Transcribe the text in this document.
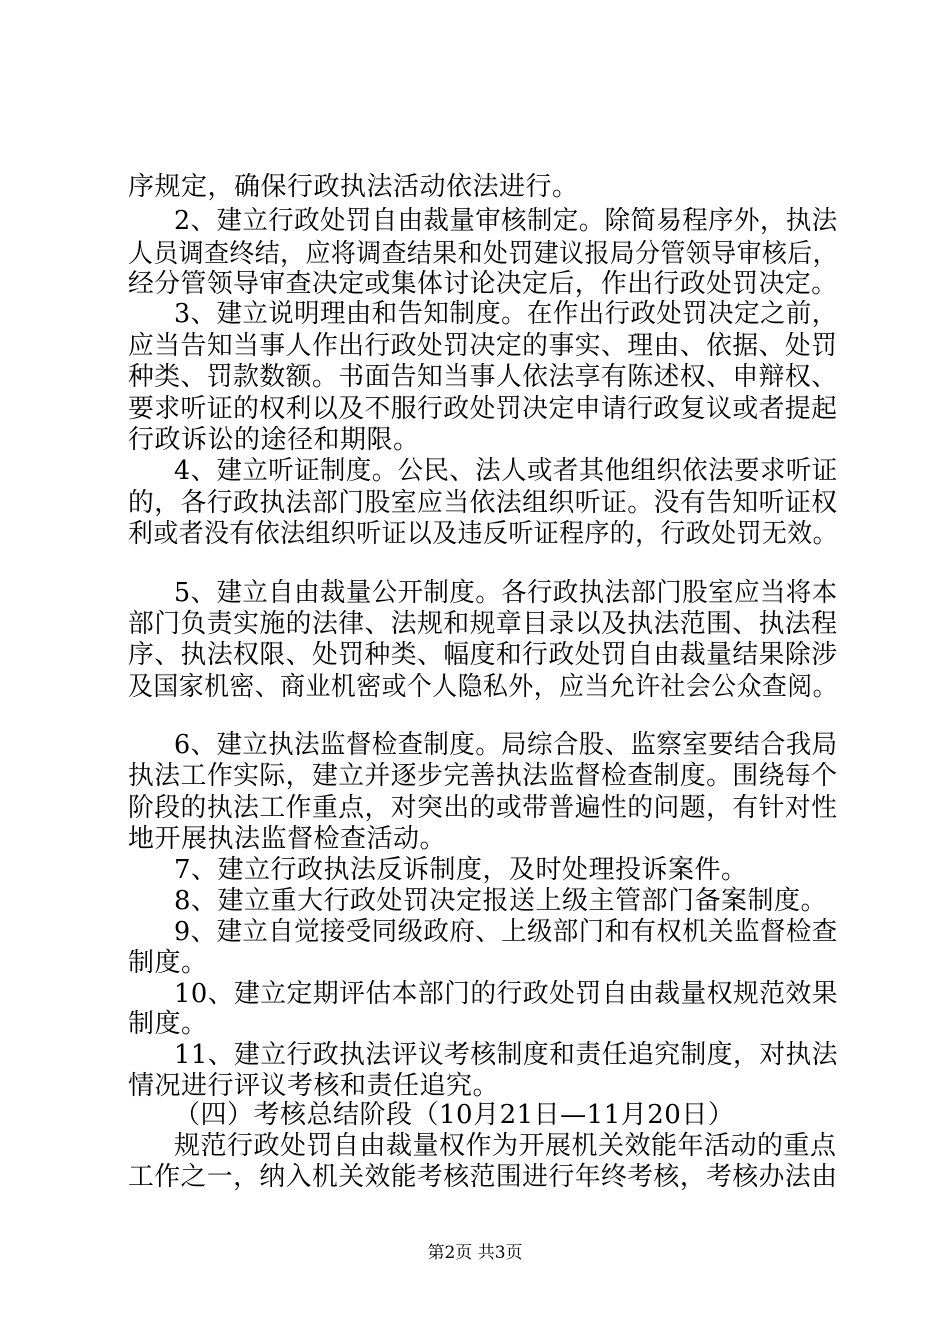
序规定，确保行政执法活动依法进行。
2、建立行政处罚自由裁量审核制定。除简易程序外，执法
人员调查终结，应将调查结果和处罚建议报局分管领导审核后，
经分管领导审查决定或集体讨论决定后，作出行政处罚决定。
3、建立说明理由和告知制度。在作出行政处罚决定之前，
应当告知当事人作出行政处罚决定的事实、理由、依据、处罚
种类、罚款数额。书面告知当事人依法享有陈述权、申辩权、
要求听证的权利以及不服行政处罚决定申请行政复议或者提起
行政诉讼的途径和期限。
4、建立听证制度。公民、法人或者其他组织依法要求听证
的，各行政执法部门股室应当依法组织听证。没有告知听证权
利或者没有依法组织听证以及违反听证程序的，行政处罚无效。
5、建立自由裁量公开制度。各行政执法部门股室应当将本
部门负责实施的法律、法规和规章目录以及执法范围、执法程
序、执法权限、处罚种类、幅度和行政处罚自由裁量结果除涉
及国家机密、商业机密或个人隐私外，应当允许社会公众查阅。
6、建立执法监督检查制度。局综合股、监察室要结合我局
执法工作实际，建立并逐步完善执法监督检查制度。围绕每个
阶段的执法工作重点，对突出的或带普遍性的问题，有针对性
地开展执法监督检查活动。
7、建立行政执法反诉制度，及时处理投诉案件。
8、建立重大行政处罚决定报送上级主管部门备案制度。
9、建立自觉接受同级政府、上级部门和有权机关监督检查
制度。
10、建立定期评估本部门的行政处罚自由裁量权规范效果
制度。
11、建立行政执法评议考核制度和责任追究制度，对执法
情况进行评议考核和责任追究。
（四）考核总结阶段（10月21日—11月20日）
规范行政处罚自由裁量权作为开展机关效能年活动的重点
工作之一，纳入机关效能考核范围进行年终考核，考核办法由
第2页 共3页
